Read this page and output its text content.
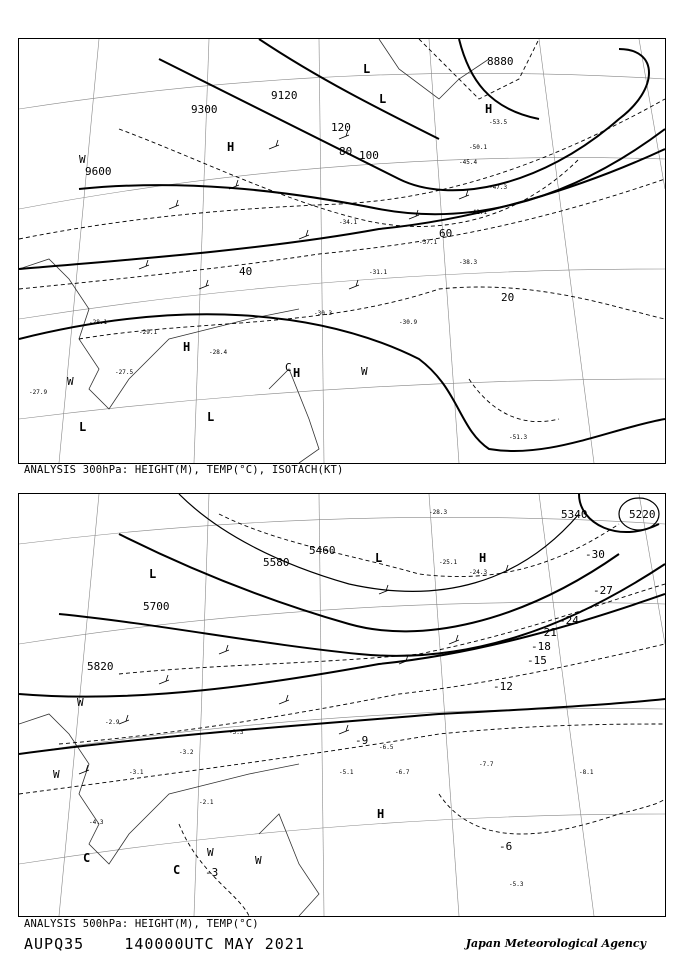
9600
9300
9120
8880
20
40
60
80 100
120
-27.9
-28.1
-29.1
-27.5
-28.4
-30.3
-30.9
-31.1
-34.1
-37.1
-38.3
-41.1
-45.4
-47.3
-50.1
-53.5
-51.3
H
L
L
L
H
H
H
L
W
W
C	W
ANALYSIS 300hPa: HEIGHT(M), TEMP(°C), ISOTACH(KT)
5820
5700
5580
5460
5340	5220
-3
-6
-9
-12
-15
-18
-21
-24
-27
-30
-2.9
-3.1
-4.3
-3.2
-2.1
-5.1
-6.5
-6.7
-7.7
-8.1
-5.3
-3.3
-25.1
-24.3
-28.3
L
L	H
H
C
C
W
W
W
W
ANALYSIS 500hPa: HEIGHT(M), TEMP(°C)
AUPQ35	140000UTC MAY 2021	Japan Meteorological Agency
